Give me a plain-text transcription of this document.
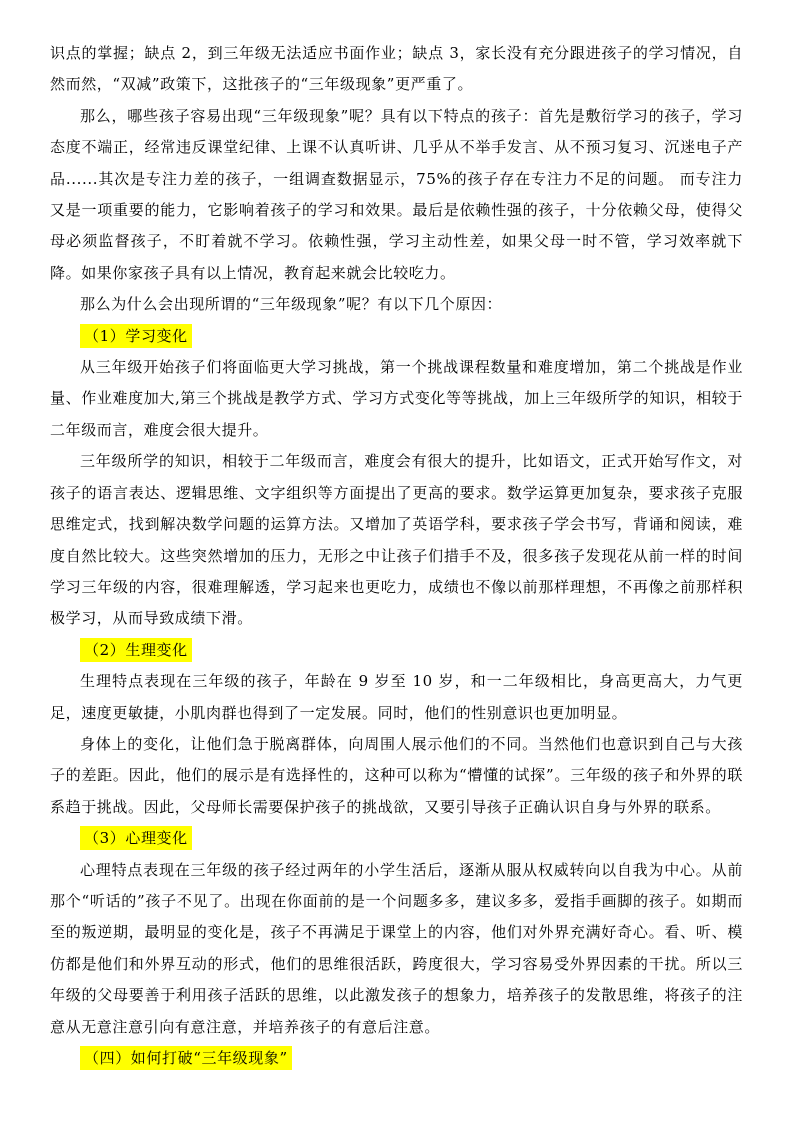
识点的掌握；缺点 2，到三年级无法适应书面作业；缺点 3，家长没有充分跟进孩子的学习情况，自然而然，“双减”政策下，这批孩子的“三年级现象”更严重了。

那么，哪些孩子容易出现“三年级现象”呢？具有以下特点的孩子：首先是敷衍学习的孩子，学习态度不端正，经常违反课堂纪律、上课不认真听讲、几乎从不举手发言、从不预习复习、沉迷电子产品......其次是专注力差的孩子，一组调查数据显示，75%的孩子存在专注力不足的问题。 而专注力又是一项重要的能力，它影响着孩子的学习和效果。最后是依赖性强的孩子，十分依赖父母，使得父母必须监督孩子，不盯着就不学习。依赖性强，学习主动性差，如果父母一时不管，学习效率就下降。如果你家孩子具有以上情况，教育起来就会比较吃力。

那么为什么会出现所谓的“三年级现象”呢？有以下几个原因：

（1）学习变化

从三年级开始孩子们将面临更大学习挑战，第一个挑战课程数量和难度增加，第二个挑战是作业量、作业难度加大,第三个挑战是教学方式、学习方式变化等等挑战，加上三年级所学的知识，相较于二年级而言，难度会很大提升。

三年级所学的知识，相较于二年级而言，难度会有很大的提升，比如语文，正式开始写作文，对孩子的语言表达、逻辑思维、文字组织等方面提出了更高的要求。数学运算更加复杂，要求孩子克服思维定式，找到解决数学问题的运算方法。又增加了英语学科，要求孩子学会书写，背诵和阅读，难度自然比较大。这些突然增加的压力，无形之中让孩子们措手不及，很多孩子发现花从前一样的时间学习三年级的内容，很难理解透，学习起来也更吃力，成绩也不像以前那样理想，不再像之前那样积极学习，从而导致成绩下滑。

（2）生理变化

生理特点表现在三年级的孩子，年龄在 9 岁至 10 岁，和一二年级相比，身高更高大，力气更足，速度更敏捷，小肌肉群也得到了一定发展。同时，他们的性别意识也更加明显。

身体上的变化，让他们急于脱离群体，向周围人展示他们的不同。当然他们也意识到自己与大孩子的差距。因此，他们的展示是有选择性的，这种可以称为“懵懂的试探”。三年级的孩子和外界的联系趋于挑战。因此，父母师长需要保护孩子的挑战欲，又要引导孩子正确认识自身与外界的联系。

（3）心理变化

心理特点表现在三年级的孩子经过两年的小学生活后，逐渐从服从权威转向以自我为中心。从前那个“听话的”孩子不见了。出现在你面前的是一个问题多多，建议多多，爱指手画脚的孩子。如期而至的叛逆期，最明显的变化是，孩子不再满足于课堂上的内容，他们对外界充满好奇心。看、听、模仿都是他们和外界互动的形式，他们的思维很活跃，跨度很大，学习容易受外界因素的干扰。所以三年级的父母要善于利用孩子活跃的思维，以此激发孩子的想象力，培养孩子的发散思维，将孩子的注意从无意注意引向有意注意，并培养孩子的有意后注意。

（四）如何打破“三年级现象”
